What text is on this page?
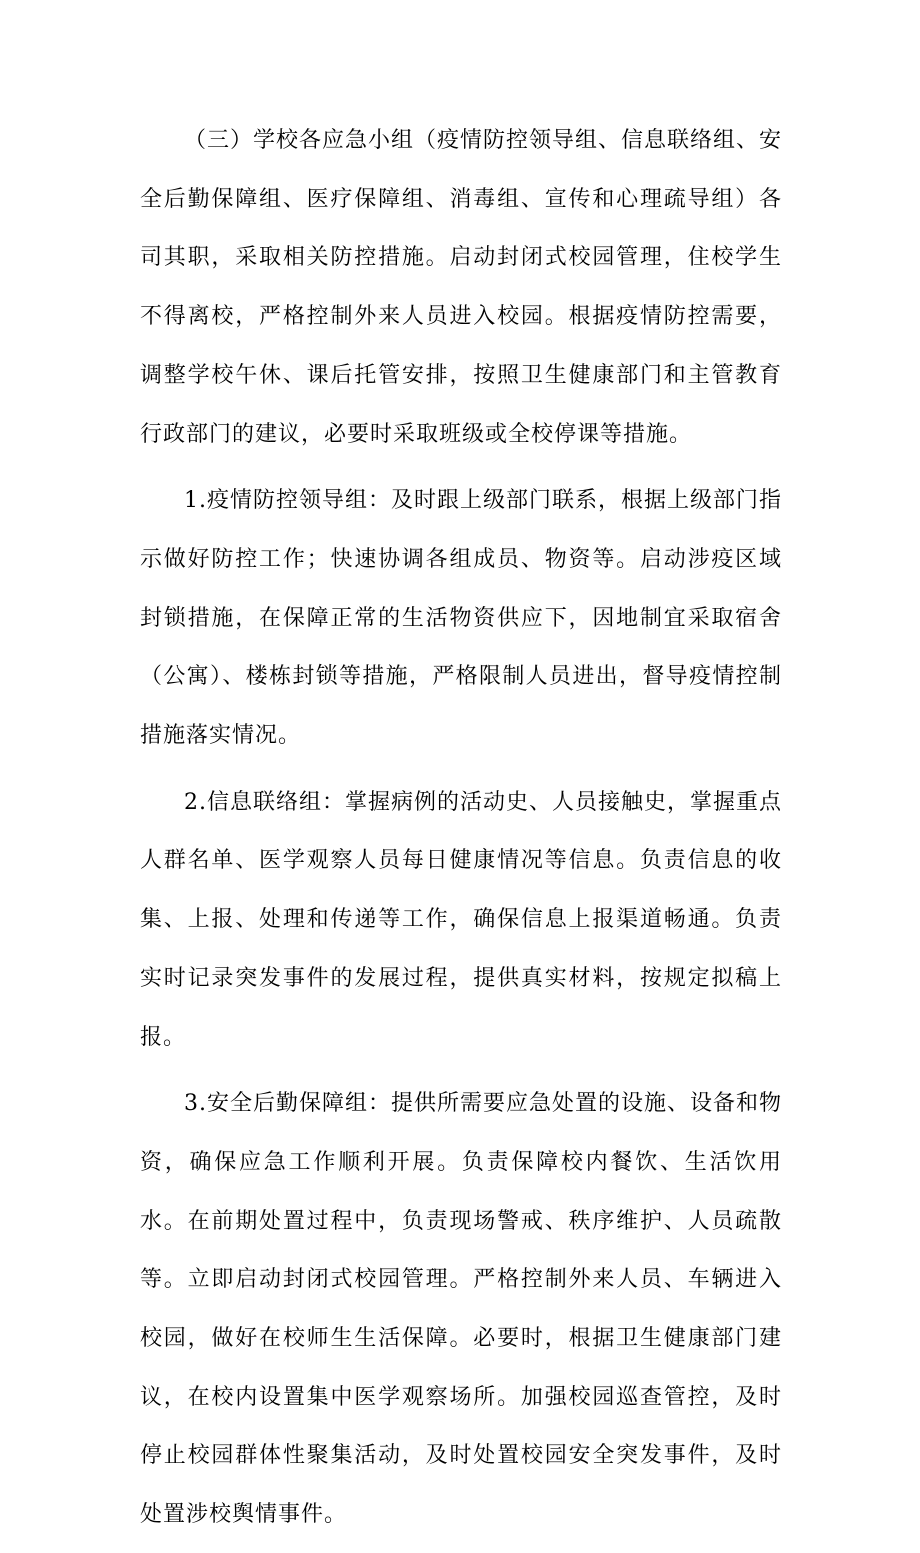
（三）学校各应急小组（疫情防控领导组、信息联络组、安全后勤保障组、医疗保障组、消毒组、宣传和心理疏导组）各司其职，采取相关防控措施。启动封闭式校园管理，住校学生不得离校，严格控制外来人员进入校园。根据疫情防控需要，调整学校午休、课后托管安排，按照卫生健康部门和主管教育行政部门的建议，必要时采取班级或全校停课等措施。

1.疫情防控领导组：及时跟上级部门联系，根据上级部门指示做好防控工作；快速协调各组成员、物资等。启动涉疫区域封锁措施，在保障正常的生活物资供应下，因地制宜采取宿舍（公寓）、楼栋封锁等措施，严格限制人员进出，督导疫情控制措施落实情况。

2.信息联络组：掌握病例的活动史、人员接触史，掌握重点人群名单、医学观察人员每日健康情况等信息。负责信息的收集、上报、处理和传递等工作，确保信息上报渠道畅通。负责实时记录突发事件的发展过程，提供真实材料，按规定拟稿上报。

3.安全后勤保障组：提供所需要应急处置的设施、设备和物资，确保应急工作顺利开展。负责保障校内餐饮、生活饮用水。在前期处置过程中，负责现场警戒、秩序维护、人员疏散等。立即启动封闭式校园管理。严格控制外来人员、车辆进入校园，做好在校师生生活保障。必要时，根据卫生健康部门建议，在校内设置集中医学观察场所。加强校园巡查管控，及时停止校园群体性聚集活动，及时处置校园安全突发事件，及时处置涉校舆情事件。
